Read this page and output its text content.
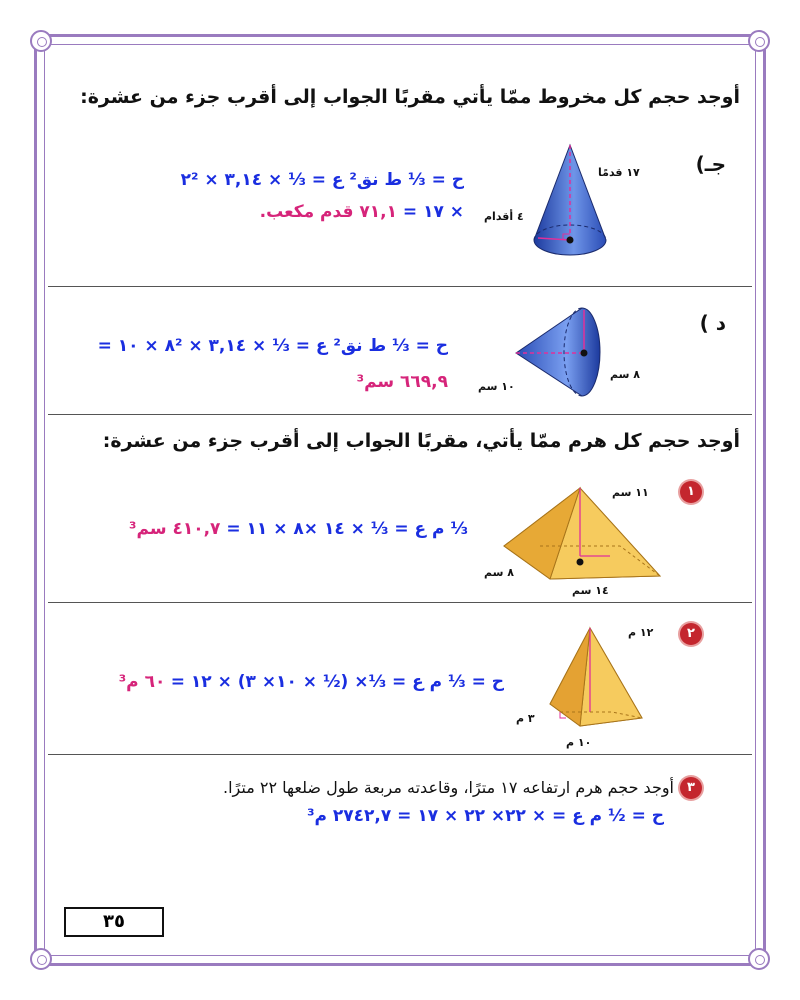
أوجد حجم كل مخروط ممّا يأتي مقربًا الجواب إلى أقرب جزء من عشرة:
جـ)
١٧ قدمًا
٤ أقدام
ح = ⅓ ط نق² ع = ⅓ × ٣,١٤ × ٢²
× ١٧ = ٧١,١ قدم مكعب.
د )
٨ سم
١٠ سم
ح = ⅓ ط نق² ع = ⅓ × ٣,١٤ × ٨² × ١٠ =
٦٦٩,٩ سم³
أوجد حجم كل هرم ممّا يأتي، مقربًا الجواب إلى أقرب جزء من عشرة:
١
١١ سم
٨ سم
١٤ سم
⅓ م ع = ⅓ × ١٤ ×٨ × ١١ = ٤١٠,٧ سم³
٢
١٢ م
٣ م
١٠ م
ح = ⅓ م ع = ⅓× (½ × ١٠× ٣) × ١٢ = ٦٠ م³
٣
أوجد حجم هرم ارتفاعه ١٧ مترًا، وقاعدته مربعة طول ضلعها ٢٢ مترًا.
ح = ½ م ع = × ٢٢× ٢٢ × ١٧ = ٢٧٤٢,٧ م³
٣٥
